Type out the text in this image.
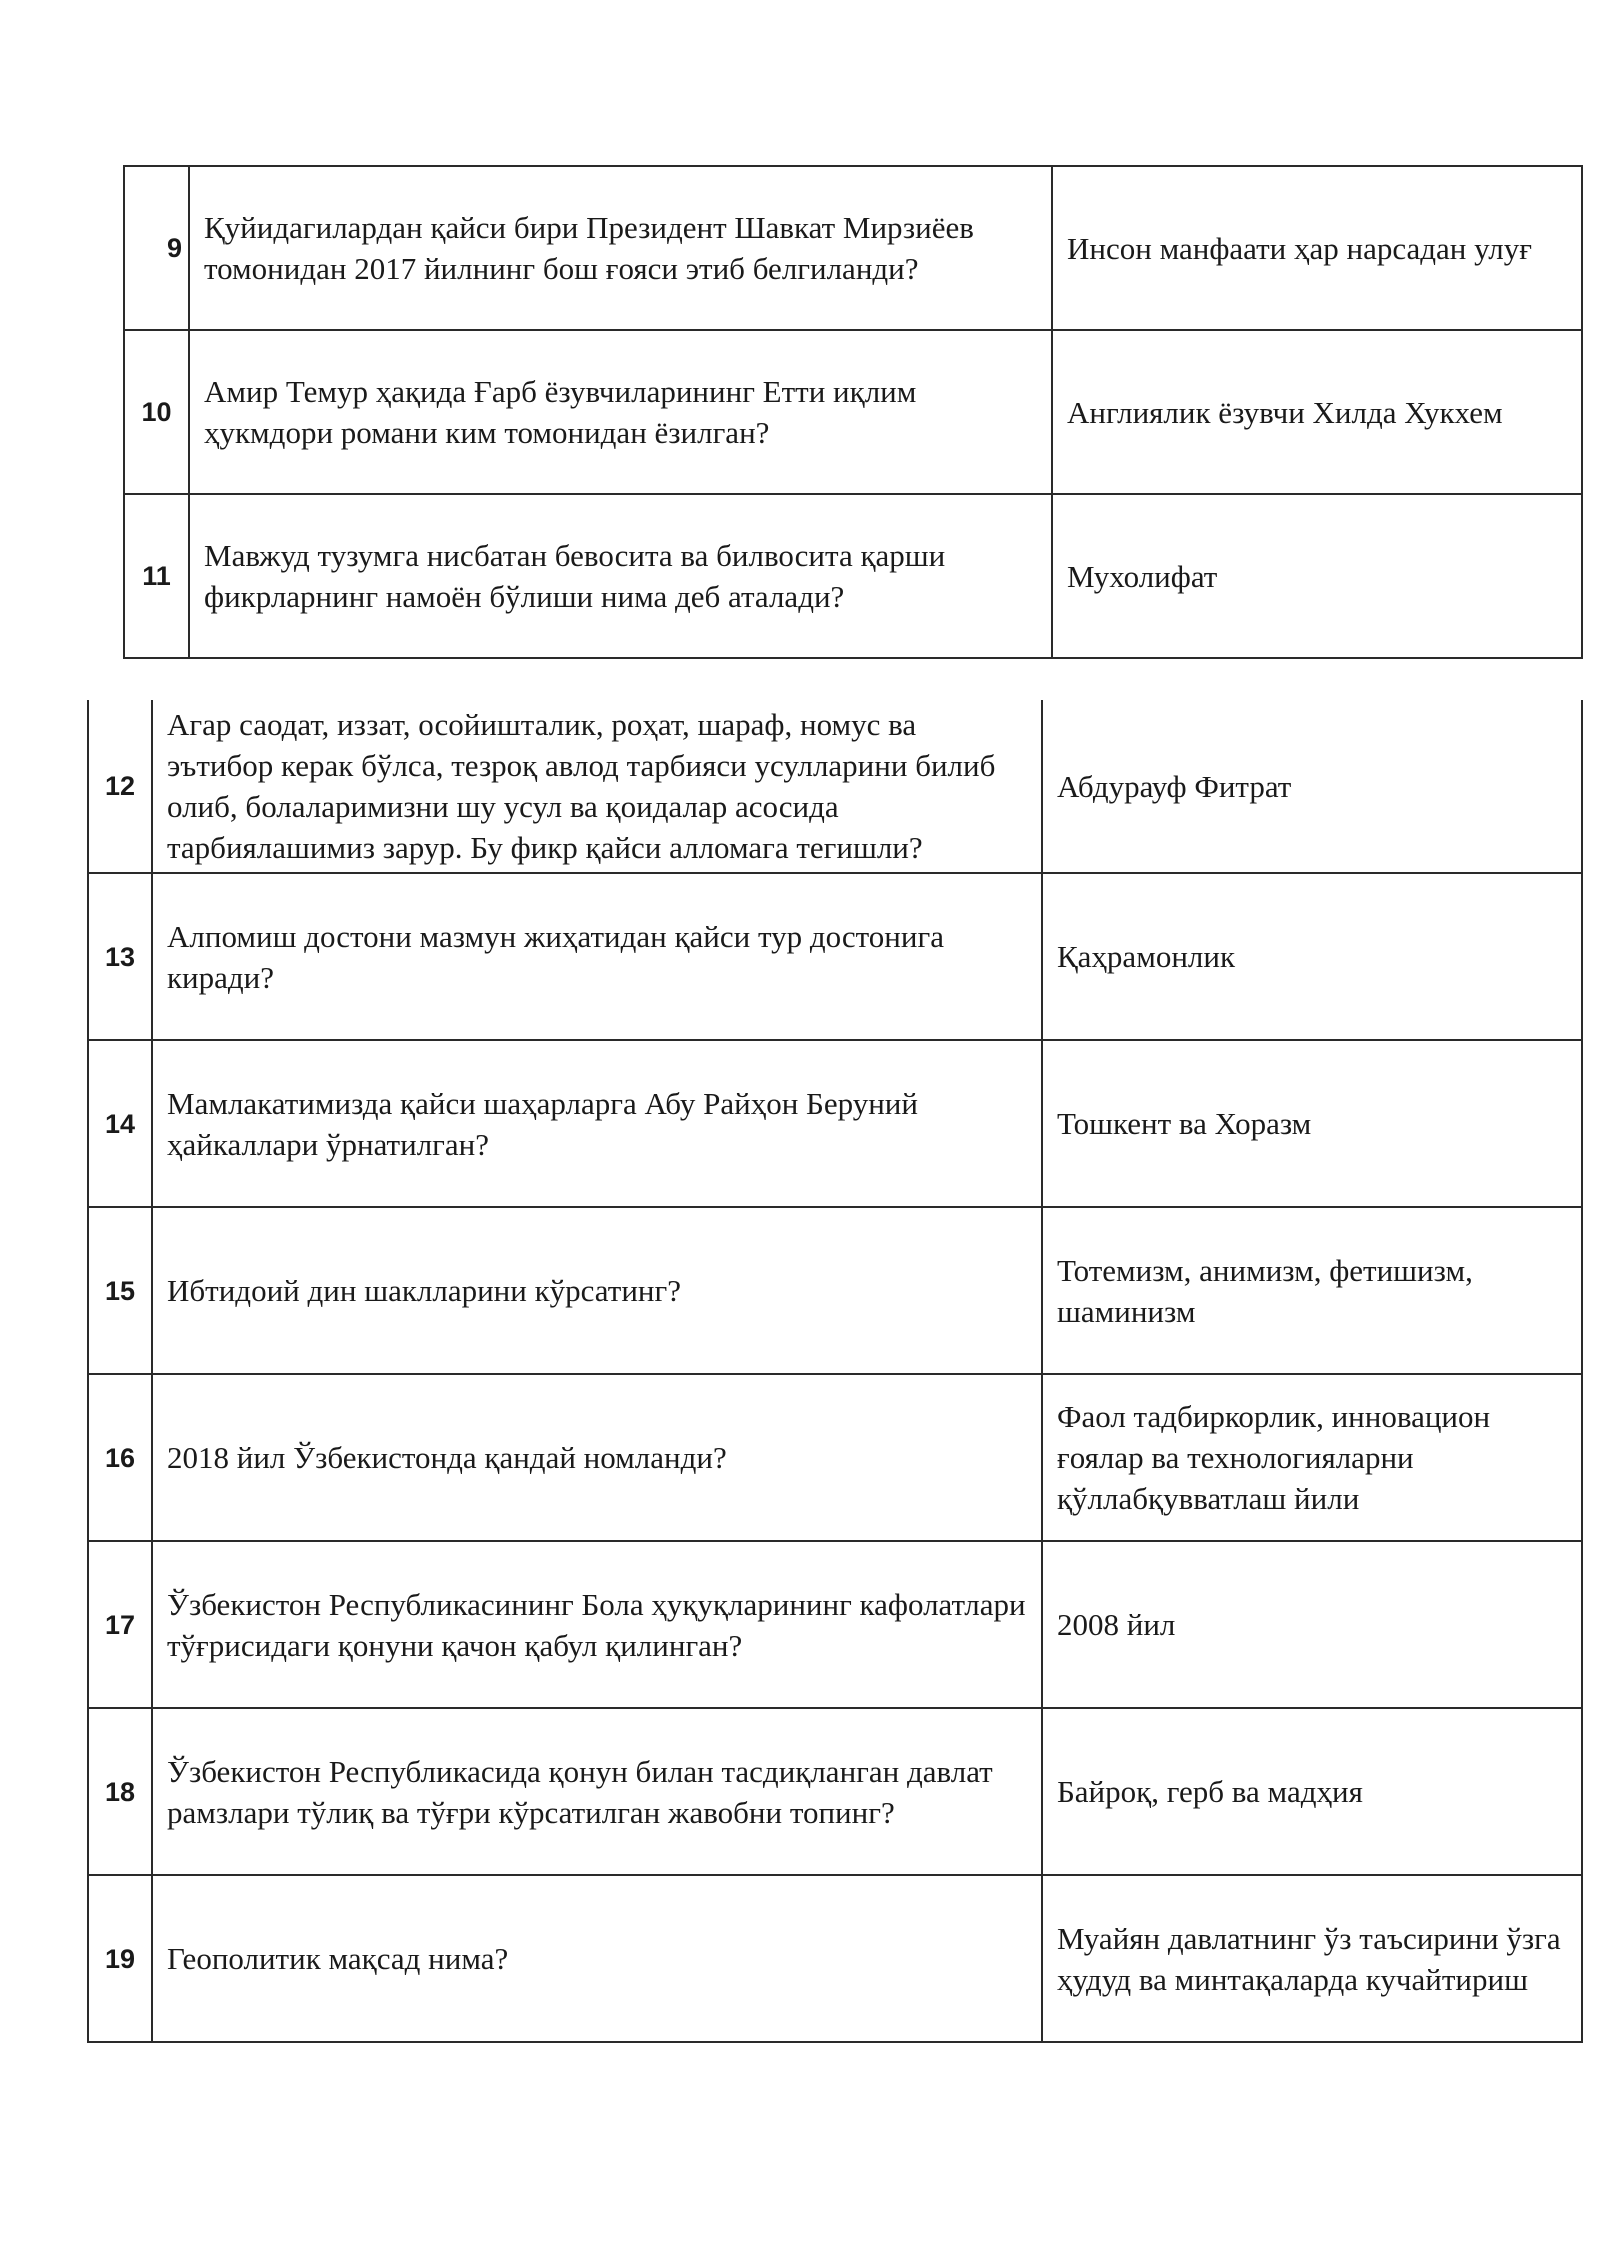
9	Қуйидагилардан қайси бири Президент Шавкат Мирзиёев томонидан 2017 йилнинг бош ғояси этиб белгиланди?	Инсон манфаати ҳар нарсадан улуғ
10	Амир Темур ҳақида Ғарб ёзувчиларининг Етти иқлим ҳукмдори романи ким томонидан ёзилган?	Англиялик ёзувчи Хилда Хукхем
11	Мавжуд тузумга нисбатан бевосита ва билвосита қарши фикрларнинг намоён бўлиши нима деб аталади?	Мухолифат
12	Агар саодат, иззат, осойишталик, роҳат, шараф, номус ва эътибор керак бўлса, тезроқ авлод тарбияси усулларини билиб олиб, болаларимизни шу усул ва қоидалар асосида тарбиялашимиз зарур. Бу фикр қайси алломага тегишли?	Абдурауф Фитрат
13	Алпомиш достони мазмун жиҳатидан қайси тур достонига киради?	Қаҳрамонлик
14	Мамлакатимизда қайси шаҳарларга Абу Райҳон Беруний ҳайкаллари ўрнатилган?	Тошкент ва Хоразм
15	Ибтидоий дин шаклларини кўрсатинг?	Тотемизм, анимизм, фетишизм, шаминизм
16	2018 йил Ўзбекистонда қандай номланди?	Фаол тадбиркорлик, инновацион ғоялар ва технологияларни қўллабқувватлаш йили
17	Ўзбекистон Республикасининг Бола ҳуқуқларининг кафолатлари тўғрисидаги қонуни қачон қабул қилинган?	2008 йил
18	Ўзбекистон Республикасида қонун билан тасдиқланган давлат рамзлари тўлиқ ва тўғри кўрсатилган жавобни топинг?	Байроқ, герб ва мадҳия
19	Геополитик мақсад нима?	Муайян давлатнинг ўз таъсирини ўзга ҳудуд ва минтақаларда кучайтириш
